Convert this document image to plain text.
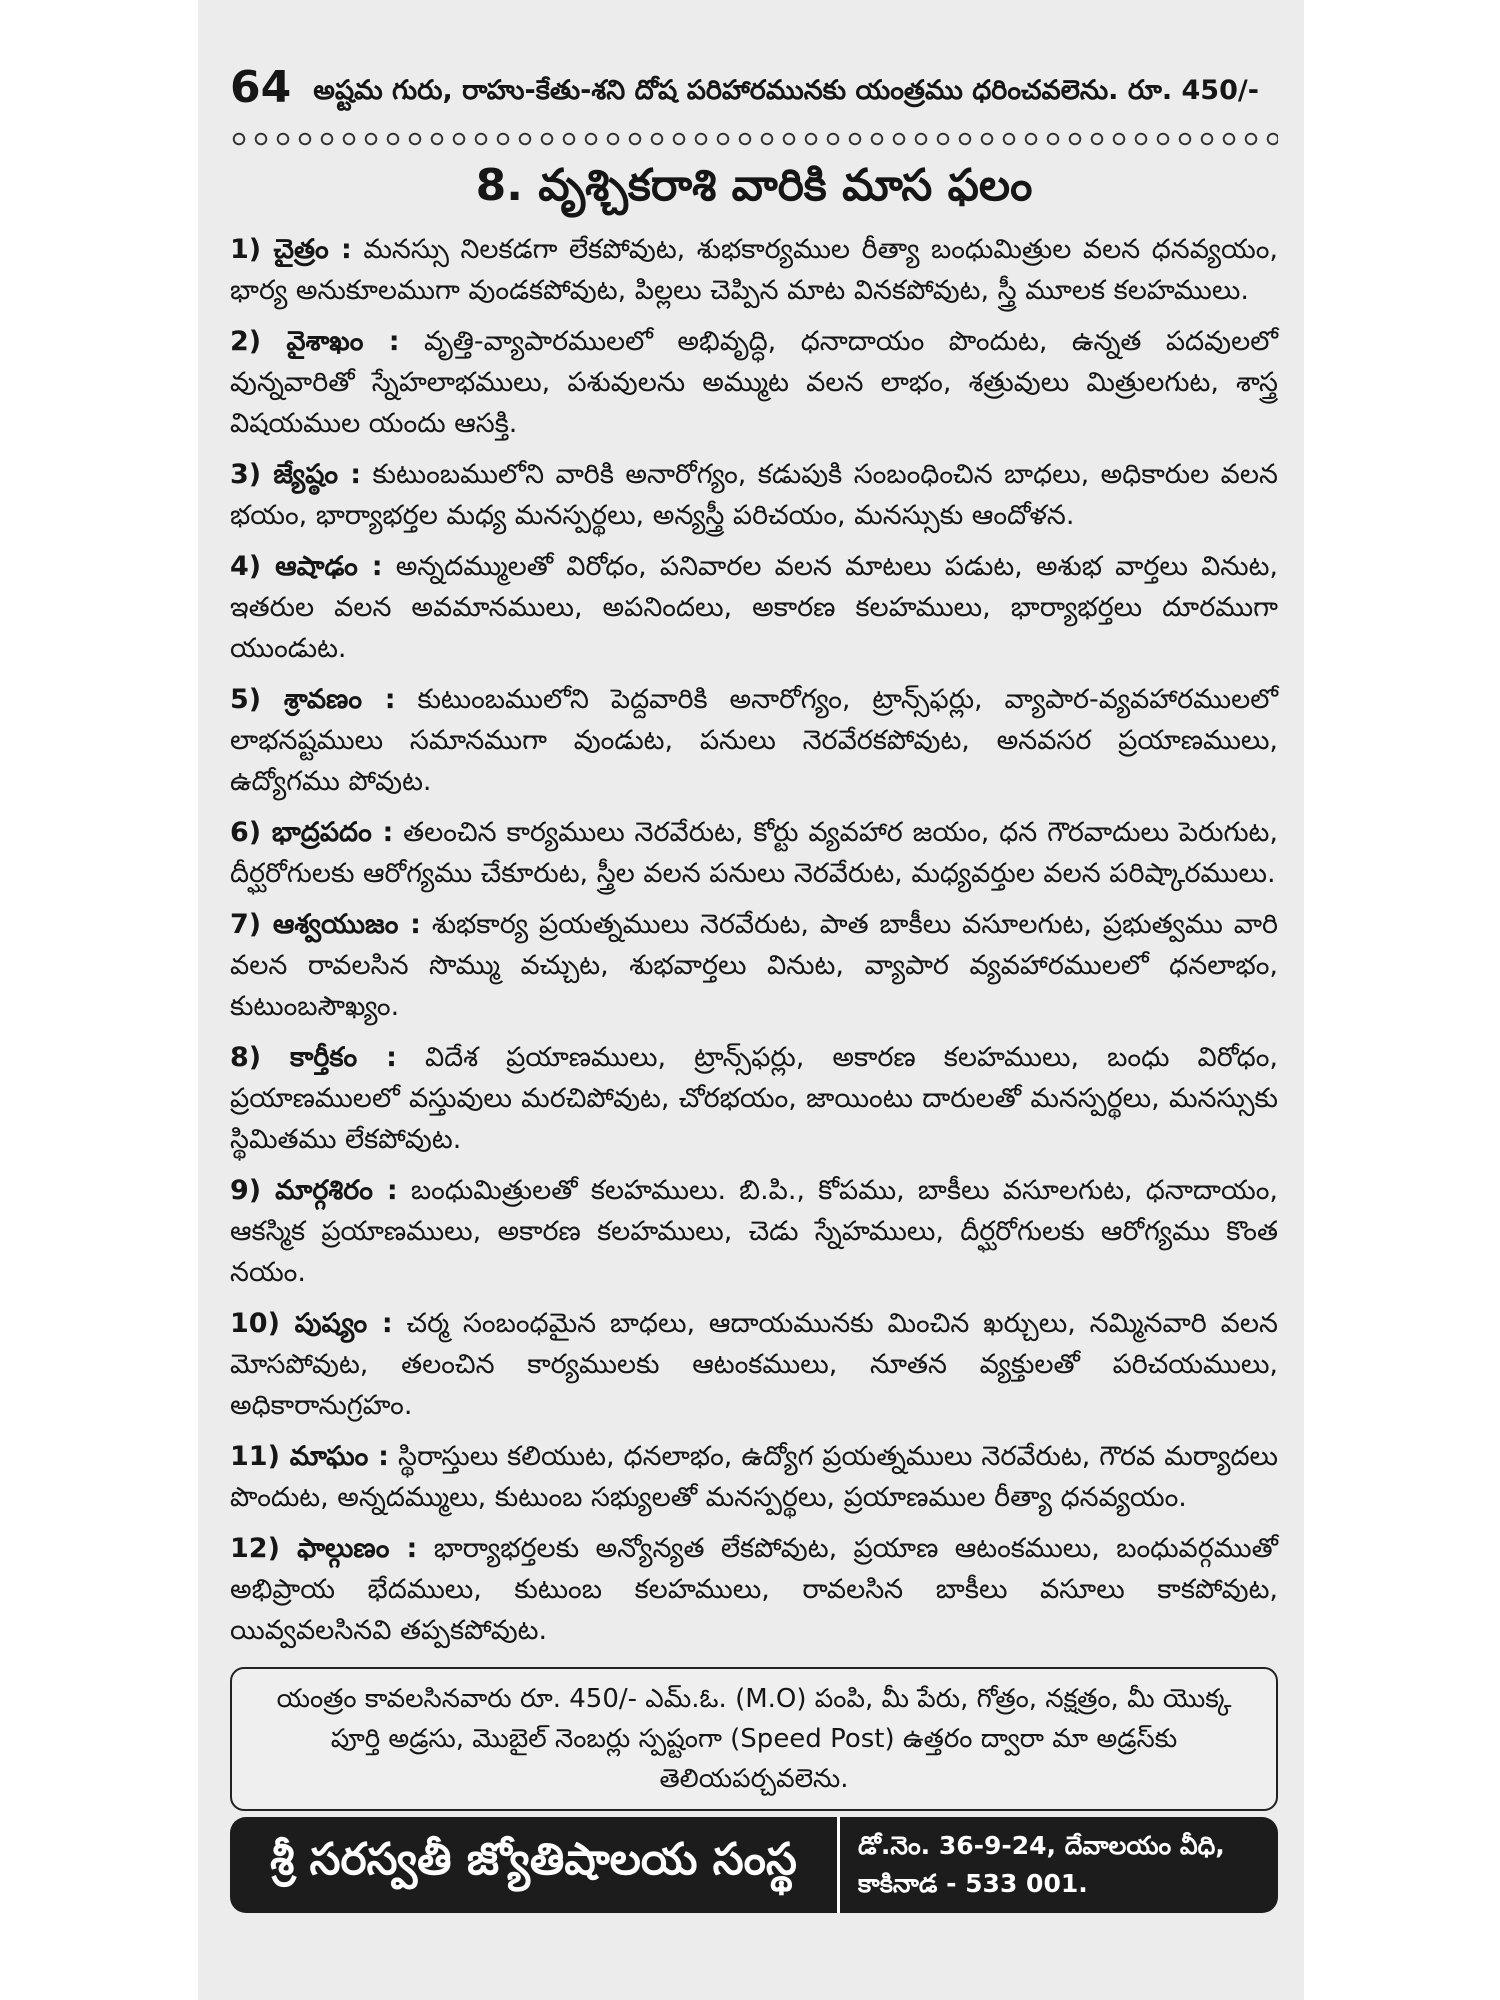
64 అష్టమ గురు, రాహు-కేతు-శని దోష పరిహారమునకు యంత్రము ధరించవలెను. రూ. 450/-
8. వృశ్చికరాశి వారికి మాస ఫలం
1) చైత్రం : మనస్సు నిలకడగా లేకపోవుట, శుభకార్యముల రీత్యా బంధుమిత్రుల వలన ధనవ్యయం, భార్య అనుకూలముగా వుండకపోవుట, పిల్లలు చెప్పిన మాట వినకపోవుట, స్త్రీ మూలక కలహములు.
2) వైశాఖం : వృత్తి-వ్యాపారములలో అభివృద్ధి, ధనాదాయం పొందుట, ఉన్నత పదవులలో వున్నవారితో స్నేహలాభములు, పశువులను అమ్ముట వలన లాభం, శత్రువులు మిత్రులగుట, శాస్త్ర విషయముల యందు ఆసక్తి.
3) జ్యేష్ఠం : కుటుంబములోని వారికి అనారోగ్యం, కడుపుకి సంబంధించిన బాధలు, అధికారుల వలన భయం, భార్యాభర్తల మధ్య మనస్పర్థలు, అన్యస్త్రీ పరిచయం, మనస్సుకు ఆందోళన.
4) ఆషాఢం : అన్నదమ్ములతో విరోధం, పనివారల వలన మాటలు పడుట, అశుభ వార్తలు వినుట, ఇతరుల వలన అవమానములు, అపనిందలు, అకారణ కలహములు, భార్యాభర్తలు దూరముగా యుండుట.
5) శ్రావణం : కుటుంబములోని పెద్దవారికి అనారోగ్యం, ట్రాన్స్‌ఫర్లు, వ్యాపార-వ్యవహారములలో లాభనష్టములు సమానముగా వుండుట, పనులు నెరవేరకపోవుట, అనవసర ప్రయాణములు, ఉద్యోగము పోవుట.
6) భాద్రపదం : తలంచిన కార్యములు నెరవేరుట, కోర్టు వ్యవహార జయం, ధన గౌరవాదులు పెరుగుట, దీర్ఘరోగులకు ఆరోగ్యము చేకూరుట, స్త్రీల వలన పనులు నెరవేరుట, మధ్యవర్తుల వలన పరిష్కారములు.
7) ఆశ్వయుజం : శుభకార్య ప్రయత్నములు నెరవేరుట, పాత బాకీలు వసూలగుట, ప్రభుత్వము వారి వలన రావలసిన సొమ్ము వచ్చుట, శుభవార్తలు వినుట, వ్యాపార వ్యవహారములలో ధనలాభం, కుటుంబసౌఖ్యం.
8) కార్తీకం : విదేశ ప్రయాణములు, ట్రాన్స్‌ఫర్లు, అకారణ కలహములు, బంధు విరోధం, ప్రయాణములలో వస్తువులు మరచిపోవుట, చోరభయం, జాయింటు దారులతో మనస్పర్థలు, మనస్సుకు స్థిమితము లేకపోవుట.
9) మార్గశిరం : బంధుమిత్రులతో కలహములు. బి.పి., కోపము, బాకీలు వసూలగుట, ధనాదాయం, ఆకస్మిక ప్రయాణములు, అకారణ కలహములు, చెడు స్నేహములు, దీర్ఘరోగులకు ఆరోగ్యము కొంత నయం.
10) పుష్యం : చర్మ సంబంధమైన బాధలు, ఆదాయమునకు మించిన ఖర్చులు, నమ్మినవారి వలన మోసపోవుట, తలంచిన కార్యములకు ఆటంకములు, నూతన వ్యక్తులతో పరిచయములు, అధికారానుగ్రహం.
11) మాఘం : స్థిరాస్తులు కలియుట, ధనలాభం, ఉద్యోగ ప్రయత్నములు నెరవేరుట, గౌరవ మర్యాదలు పొందుట, అన్నదమ్ములు, కుటుంబ సభ్యులతో మనస్పర్థలు, ప్రయాణముల రీత్యా ధనవ్యయం.
12) ఫాల్గుణం : భార్యాభర్తలకు అన్యోన్యత లేకపోవుట, ప్రయాణ ఆటంకములు, బంధువర్గముతో అభిప్రాయ భేదములు, కుటుంబ కలహములు, రావలసిన బాకీలు వసూలు కాకపోవుట, యివ్వవలసినవి తప్పకపోవుట.
యంత్రం కావలసినవారు రూ. 450/- ఎమ్.ఓ. (M.O) పంపి, మీ పేరు, గోత్రం, నక్షత్రం, మీ యొక్క పూర్తి అడ్రసు, మొబైల్ నెంబర్లు స్పష్టంగా (Speed Post) ఉత్తరం ద్వారా మా అడ్రస్‌కు తెలియపర్చవలెను.
శ్రీ సరస్వతీ జ్యోతిషాలయ సంస్థ	డో.నెం. 36-9-24, దేవాలయం వీధి,
కాకినాడ - 533 001.
